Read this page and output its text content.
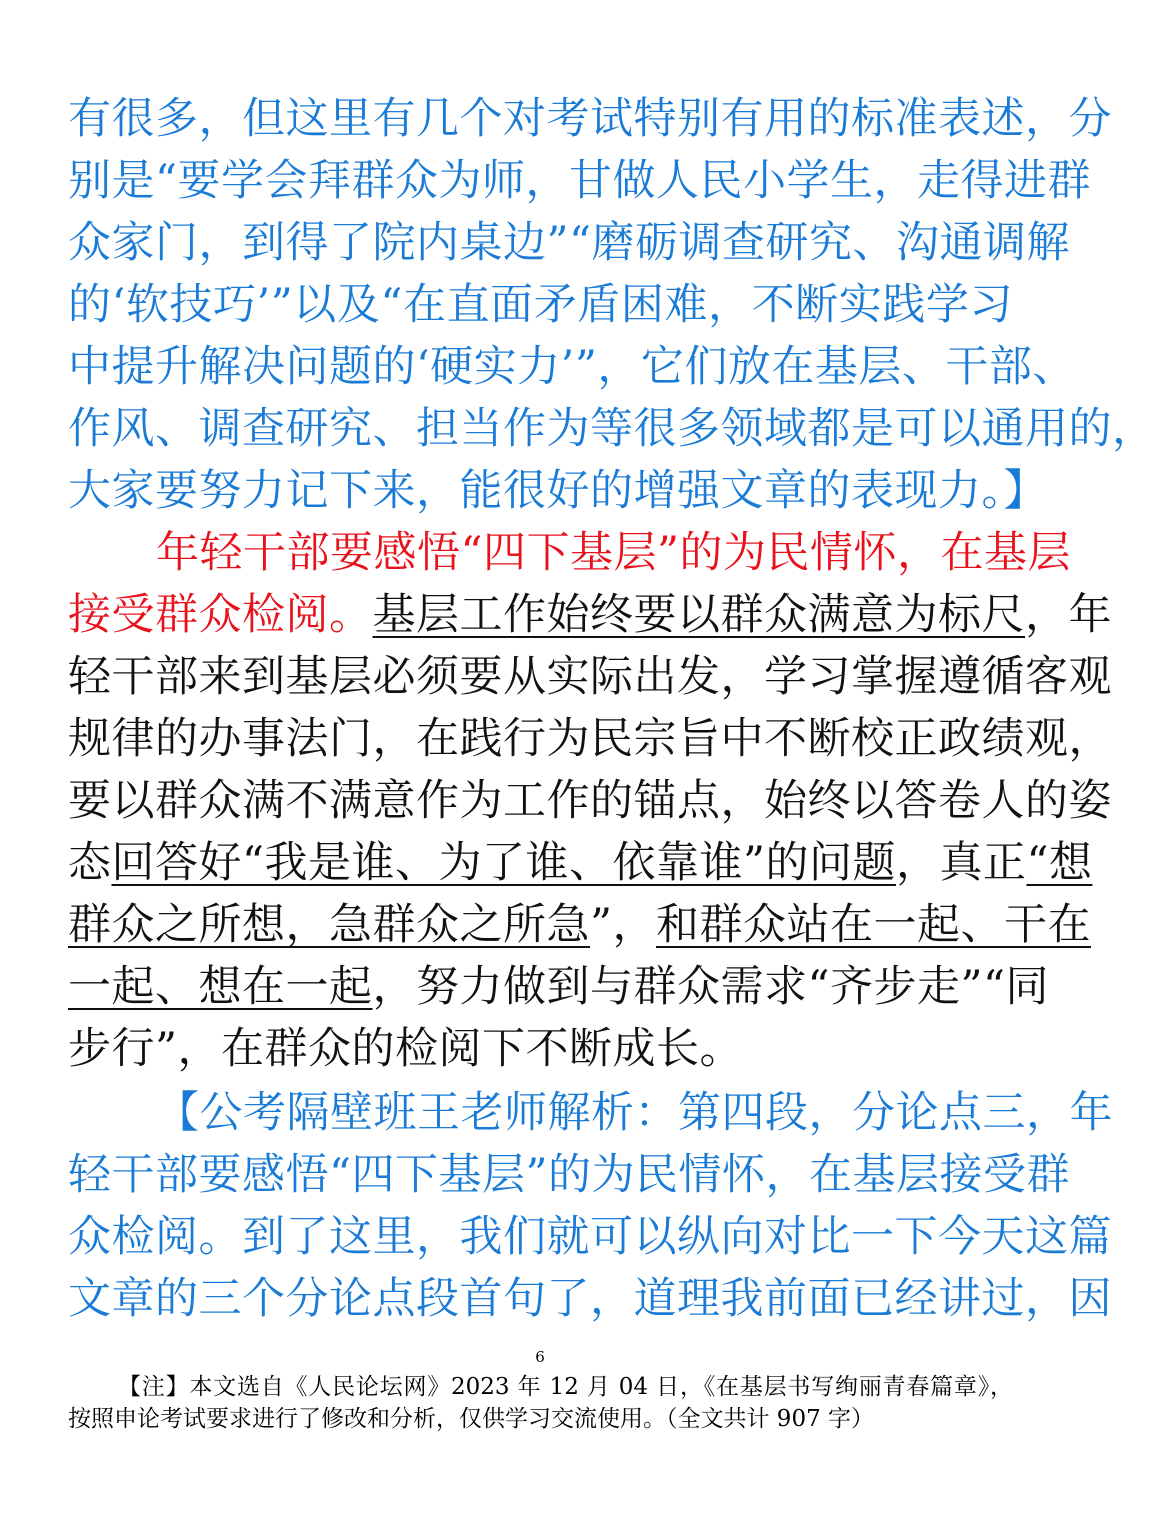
有很多，但这里有几个对考试特别有用的标准表述，分
别是“要学会拜群众为师，甘做人民小学生，走得进群
众家门，到得了院内桌边”“磨砺调查研究、沟通调解
的‘软技巧’”以及“在直面矛盾困难，不断实践学习
中提升解决问题的‘硬实力’”，它们放在基层、干部、
作风、调查研究、担当作为等很多领域都是可以通用的，
大家要努力记下来，能很好的增强文章的表现力。】
年轻干部要感悟“四下基层”的为民情怀，在基层
接受群众检阅。基层工作始终要以群众满意为标尺，年
轻干部来到基层必须要从实际出发，学习掌握遵循客观
规律的办事法门，在践行为民宗旨中不断校正政绩观，
要以群众满不满意作为工作的锚点，始终以答卷人的姿
态回答好“我是谁、为了谁、依靠谁”的问题，真正“想
群众之所想，急群众之所急”，和群众站在一起、干在
一起、想在一起，努力做到与群众需求“齐步走”“同
步行”，在群众的检阅下不断成长。
【公考隔壁班王老师解析：第四段，分论点三，年
轻干部要感悟“四下基层”的为民情怀，在基层接受群
众检阅。到了这里，我们就可以纵向对比一下今天这篇
文章的三个分论点段首句了，道理我前面已经讲过，因
6
【注】本文选自《人民论坛网》2023 年 12 月 04 日，《在基层书写绚丽青春篇章》，
按照申论考试要求进行了修改和分析，仅供学习交流使用。（全文共计 907 字）
